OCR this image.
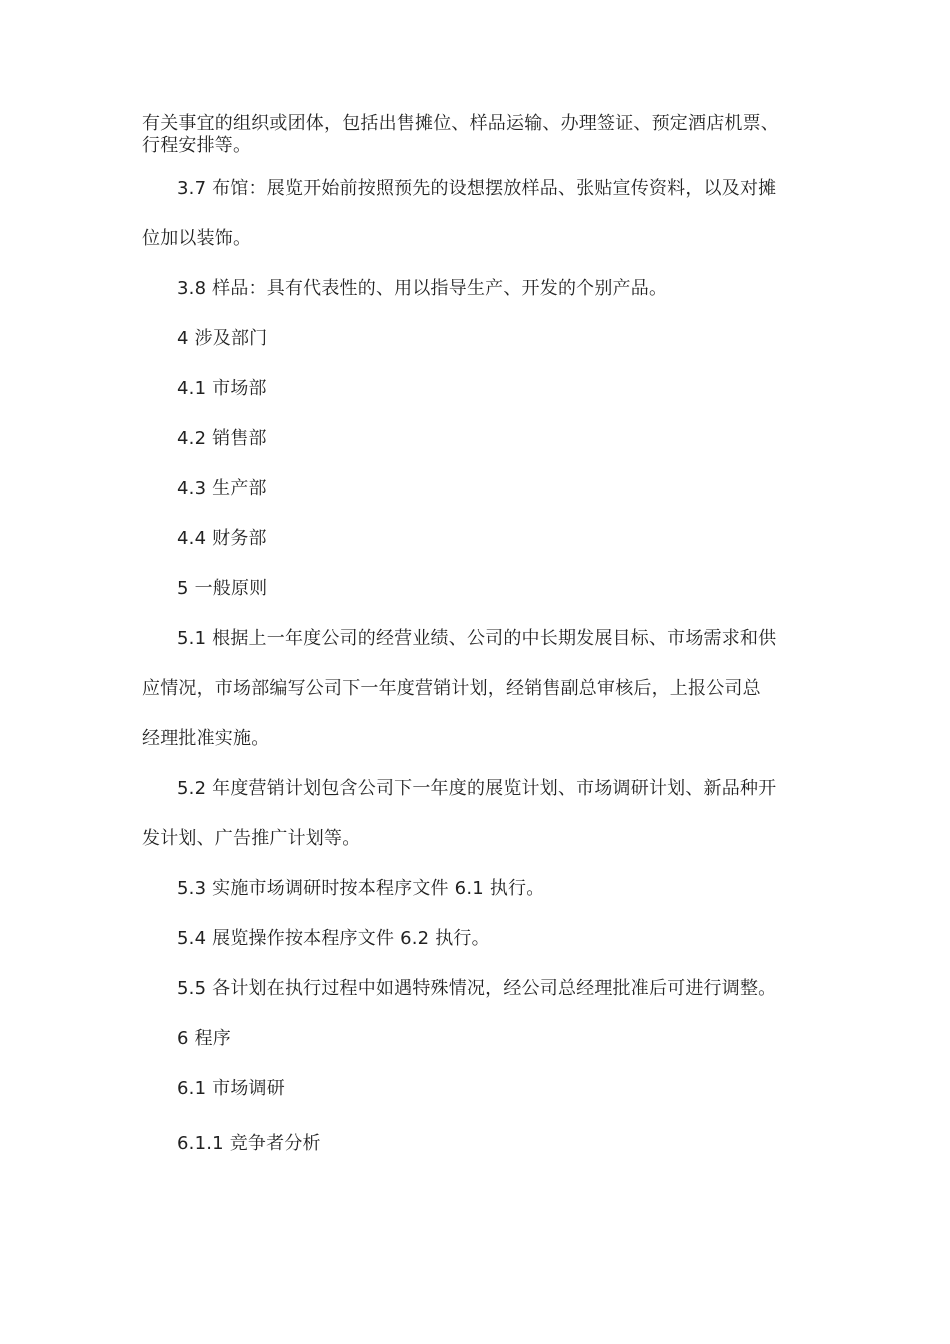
有关事宜的组织或团体，包括出售摊位、样品运输、办理签证、预定酒店机票、
行程安排等。
3.7 布馆：展览开始前按照预先的设想摆放样品、张贴宣传资料，以及对摊
位加以装饰。
3.8 样品：具有代表性的、用以指导生产、开发的个别产品。
4 涉及部门
4.1 市场部
4.2 销售部
4.3 生产部
4.4 财务部
5 一般原则
5.1 根据上一年度公司的经营业绩、公司的中长期发展目标、市场需求和供
应情况，市场部编写公司下一年度营销计划，经销售副总审核后，上报公司总
经理批准实施。
5.2 年度营销计划包含公司下一年度的展览计划、市场调研计划、新品种开
发计划、广告推广计划等。
5.3 实施市场调研时按本程序文件 6.1 执行。
5.4 展览操作按本程序文件 6.2 执行。
5.5 各计划在执行过程中如遇特殊情况，经公司总经理批准后可进行调整。
6 程序
6.1 市场调研
6.1.1 竞争者分析
